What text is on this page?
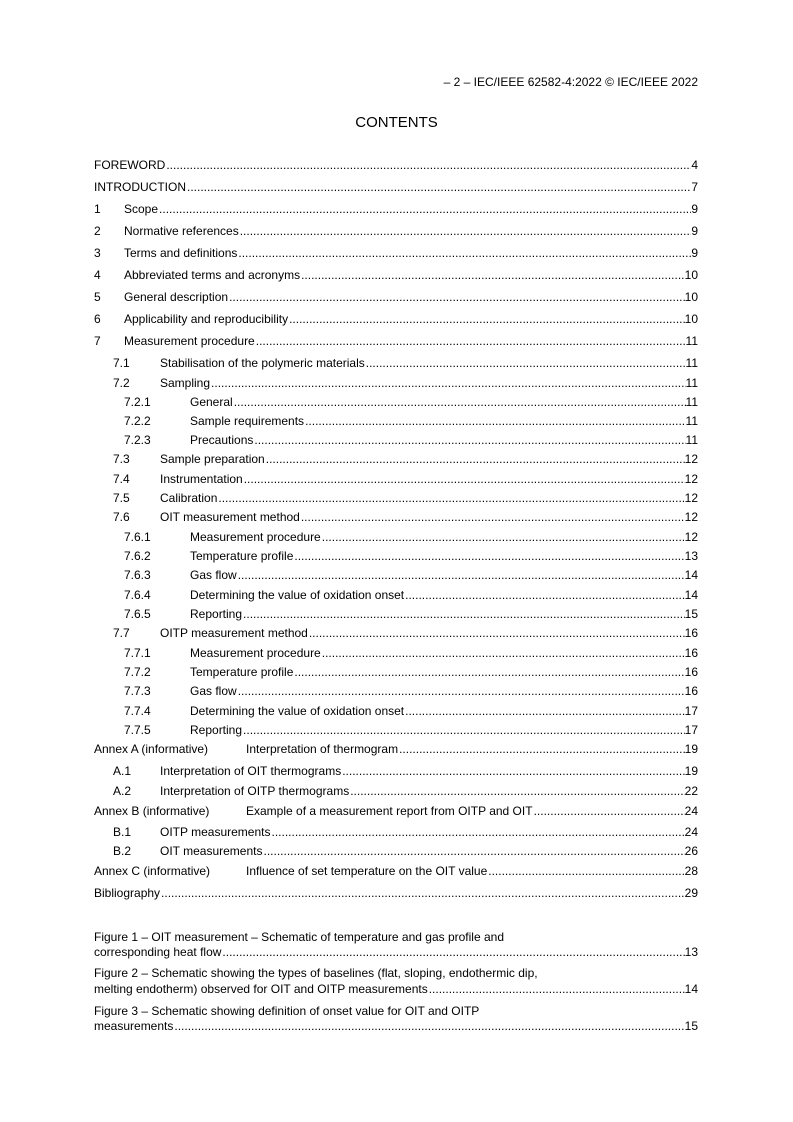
– 2 – IEC/IEEE 62582-4:2022 © IEC/IEEE 2022
CONTENTS
FOREWORD .....	4
INTRODUCTION .....	7
1	Scope .....	9
2	Normative references .....	9
3	Terms and definitions .....	9
4	Abbreviated terms and acronyms .....	10
5	General description .....	10
6	Applicability and reproducibility .....	10
7	Measurement procedure .....	11
7.1	Stabilisation of the polymeric materials .....	11
7.2	Sampling .....	11
7.2.1	General .....	11
7.2.2	Sample requirements .....	11
7.2.3	Precautions .....	11
7.3	Sample preparation .....	12
7.4	Instrumentation .....	12
7.5	Calibration .....	12
7.6	OIT measurement method .....	12
7.6.1	Measurement procedure .....	12
7.6.2	Temperature profile .....	13
7.6.3	Gas flow .....	14
7.6.4	Determining the value of oxidation onset .....	14
7.6.5	Reporting .....	15
7.7	OITP measurement method .....	16
7.7.1	Measurement procedure .....	16
7.7.2	Temperature profile .....	16
7.7.3	Gas flow .....	16
7.7.4	Determining the value of oxidation onset .....	17
7.7.5	Reporting .....	17
Annex A (informative)	Interpretation of thermogram .....	19
A.1	Interpretation of OIT thermograms .....	19
A.2	Interpretation of OITP thermograms .....	22
Annex B (informative)	Example of a measurement report from OITP and OIT .....	24
B.1	OITP measurements .....	24
B.2	OIT measurements .....	26
Annex C (informative)	Influence of set temperature on the OIT value .....	28
Bibliography .....	29
Figure 1 – OIT measurement – Schematic of temperature and gas profile and
corresponding heat flow .....	13
Figure 2 – Schematic showing the types of baselines (flat, sloping, endothermic dip,
melting endotherm) observed for OIT and OITP measurements .....	14
Figure 3 – Schematic showing definition of onset value for OIT and OITP
measurements .....	15
